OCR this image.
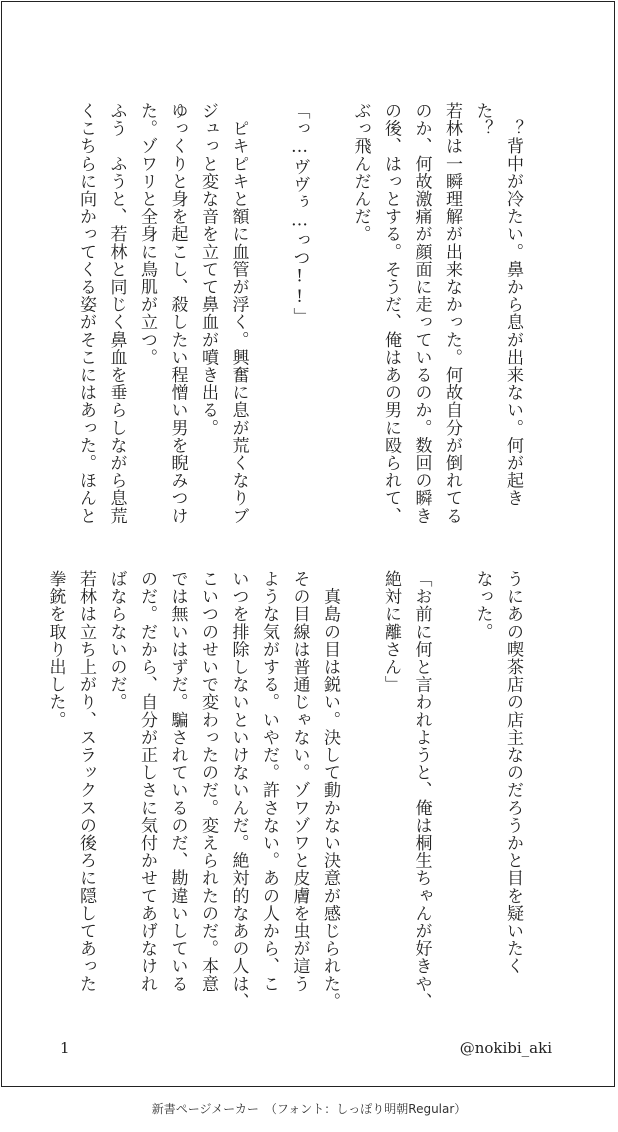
　？背中が冷たい。鼻から息が出来ない。何が起き
た？
若林は一瞬理解が出来なかった。何故自分が倒れてる
のか、何故激痛が顔面に走っているのか。数回の瞬き
の後、はっとする。そうだ、俺はあの男に殴られて、
ぶっ飛んだんだ。

「っ…ヴヴぅ…っつ!!」

　ピキピキと額に血管が浮く。興奮に息が荒くなりブ
ジュっと変な音を立てて鼻血が噴き出る。
ゆっくりと身を起こし、殺したい程憎い男を睨みつけ
た。ゾワリと全身に鳥肌が立つ。
ふう　ふうと、若林と同じく鼻血を垂らしながら息荒
くこちらに向かってくる姿がそこにはあった。ほんと
うにあの喫茶店の店主なのだろうかと目を疑いたく
なった。

「お前に何と言われようと、俺は桐生ちゃんが好きや、
絶対に離さん」

　真島の目は鋭い。決して動かない決意が感じられた。
その目線は普通じゃない。ゾワゾワと皮膚を虫が這う
ような気がする。いやだ。許さない。あの人から、こ
いつを排除しないといけないんだ。絶対的なあの人は、
こいつのせいで変わったのだ。変えられたのだ。本意
では無いはずだ。騙されているのだ、勘違いしている
のだ。だから、自分が正しさに気付かせてあげなけれ
ばならないのだ。
若林は立ち上がり、スラックスの後ろに隠してあった
拳銃を取り出した。
1	@nokibi_aki
新書ページメーカー　（フォント：しっぽり明朝Regular）
